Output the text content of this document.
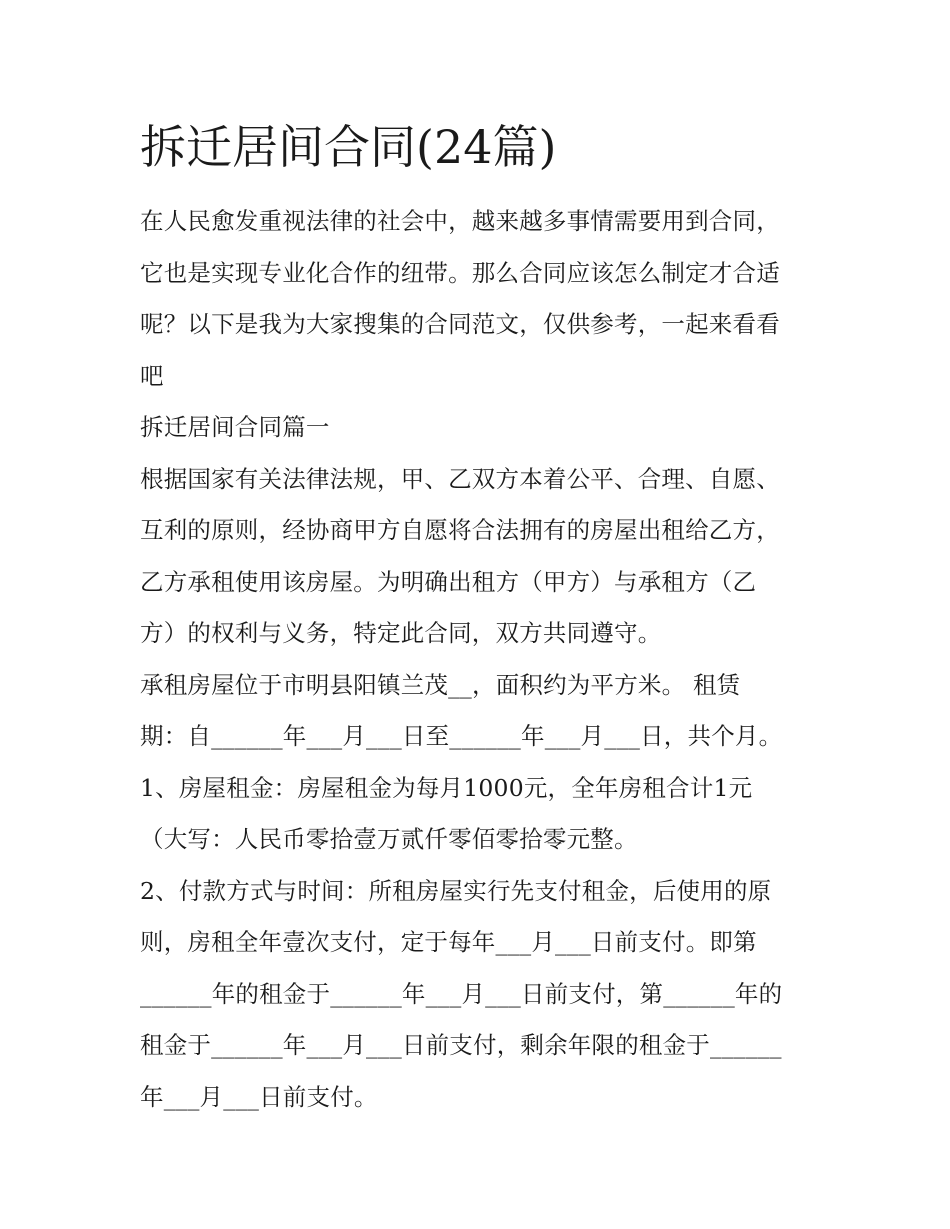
拆迁居间合同(24篇)
在人民愈发重视法律的社会中，越来越多事情需要用到合同，
它也是实现专业化合作的纽带。那么合同应该怎么制定才合适
呢？以下是我为大家搜集的合同范文，仅供参考，一起来看看
吧
拆迁居间合同篇一
根据国家有关法律法规，甲、乙双方本着公平、合理、自愿、
互利的原则，经协商甲方自愿将合法拥有的房屋出租给乙方，
乙方承租使用该房屋。为明确出租方（甲方）与承租方（乙
方）的权利与义务，特定此合同，双方共同遵守。
承租房屋位于市明县阳镇兰茂__，面积约为平方米。 租赁
期：自______年___月___日至______年___月___日，共个月。
1、房屋租金：房屋租金为每月1000元，全年房租合计1元
（大写：人民币零拾壹万贰仟零佰零拾零元整。
2、付款方式与时间：所租房屋实行先支付租金，后使用的原
则，房租全年壹次支付，定于每年___月___日前支付。即第
______年的租金于______年___月___日前支付，第______年的
租金于______年___月___日前支付，剩余年限的租金于______
年___月___日前支付。
